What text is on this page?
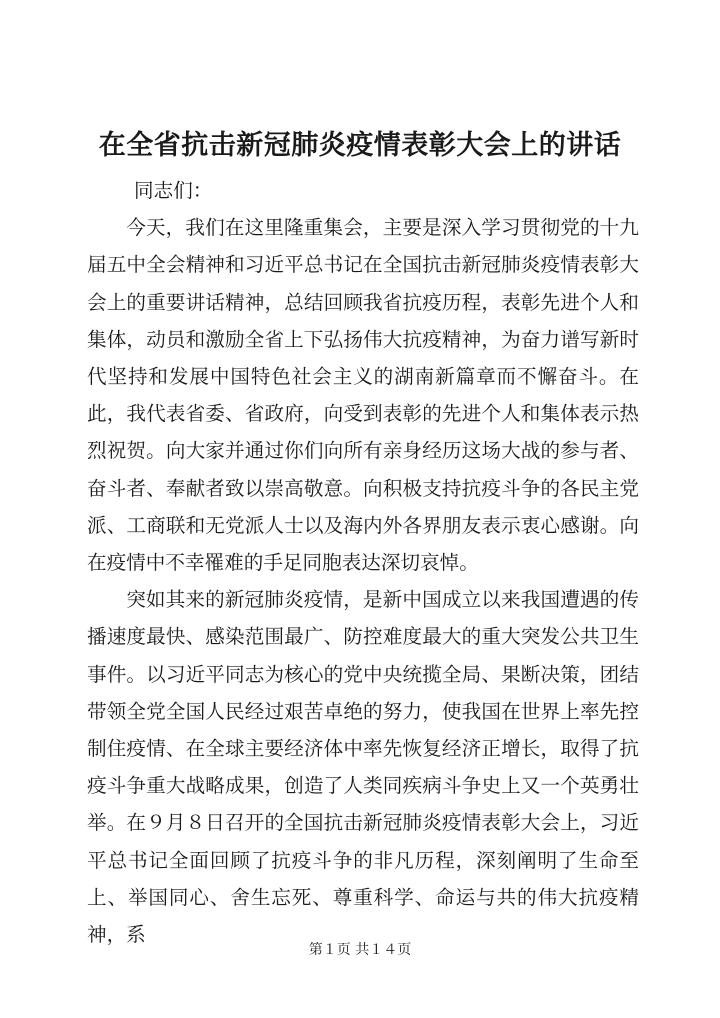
在全省抗击新冠肺炎疫情表彰大会上的讲话

同志们：

今天，我们在这里隆重集会，主要是深入学习贯彻党的十九届五中全会精神和习近平总书记在全国抗击新冠肺炎疫情表彰大会上的重要讲话精神，总结回顾我省抗疫历程，表彰先进个人和集体，动员和激励全省上下弘扬伟大抗疫精神，为奋力谱写新时代坚持和发展中国特色社会主义的湖南新篇章而不懈奋斗。在此，我代表省委、省政府，向受到表彰的先进个人和集体表示热烈祝贺。向大家并通过你们向所有亲身经历这场大战的参与者、奋斗者、奉献者致以崇高敬意。向积极支持抗疫斗争的各民主党派、工商联和无党派人士以及海内外各界朋友表示衷心感谢。向在疫情中不幸罹难的手足同胞表达深切哀悼。

突如其来的新冠肺炎疫情，是新中国成立以来我国遭遇的传播速度最快、感染范围最广、防控难度最大的重大突发公共卫生事件。以习近平同志为核心的党中央统揽全局、果断决策，团结带领全党全国人民经过艰苦卓绝的努力，使我国在世界上率先控制住疫情、在全球主要经济体中率先恢复经济正增长，取得了抗疫斗争重大战略成果，创造了人类同疾病斗争史上又一个英勇壮举。在９月８日召开的全国抗击新冠肺炎疫情表彰大会上，习近平总书记全面回顾了抗疫斗争的非凡历程，深刻阐明了生命至上、举国同心、舍生忘死、尊重科学、命运与共的伟大抗疫精神，系

第１页 共１４页
